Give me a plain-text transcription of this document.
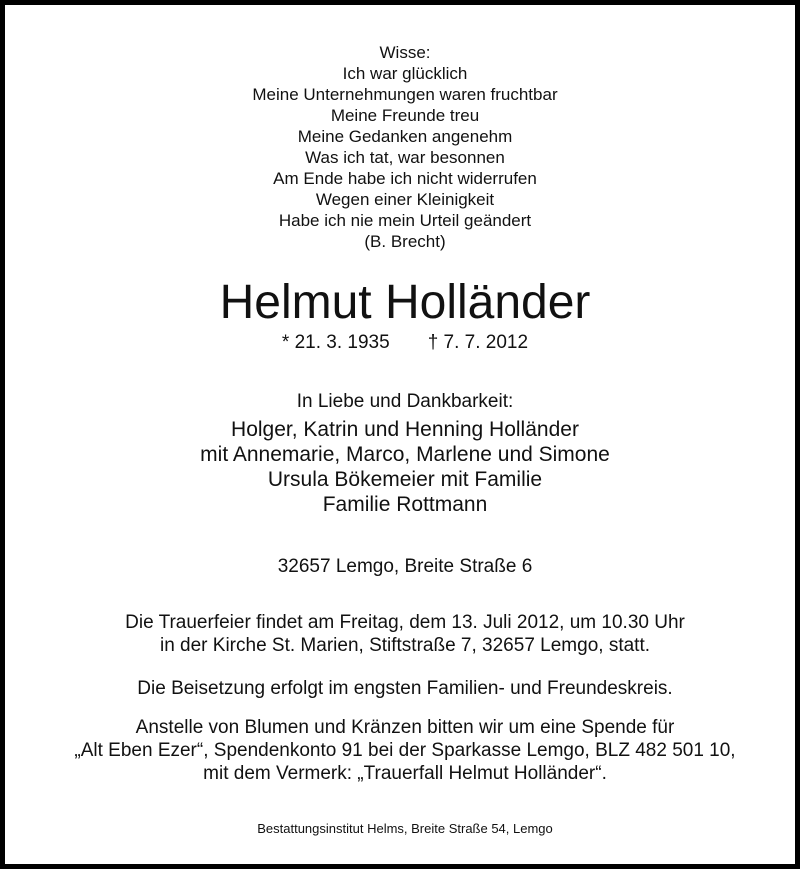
Wisse:
Ich war glücklich
Meine Unternehmungen waren fruchtbar
Meine Freunde treu
Meine Gedanken angenehm
Was ich tat, war besonnen
Am Ende habe ich nicht widerrufen
Wegen einer Kleinigkeit
Habe ich nie mein Urteil geändert
(B. Brecht)
Helmut Holländer
* 21. 3. 1935 † 7. 7. 2012
In Liebe und Dankbarkeit:
Holger, Katrin und Henning Holländer
mit Annemarie, Marco, Marlene und Simone
Ursula Bökemeier mit Familie
Familie Rottmann
32657 Lemgo, Breite Straße 6
Die Trauerfeier findet am Freitag, dem 13. Juli 2012, um 10.30 Uhr
in der Kirche St. Marien, Stiftstraße 7, 32657 Lemgo, statt.
Die Beisetzung erfolgt im engsten Familien- und Freundeskreis.
Anstelle von Blumen und Kränzen bitten wir um eine Spende für
„Alt Eben Ezer“, Spendenkonto 91 bei der Sparkasse Lemgo, BLZ 482 501 10,
mit dem Vermerk: „Trauerfall Helmut Holländer“.
Bestattungsinstitut Helms, Breite Straße 54, Lemgo
